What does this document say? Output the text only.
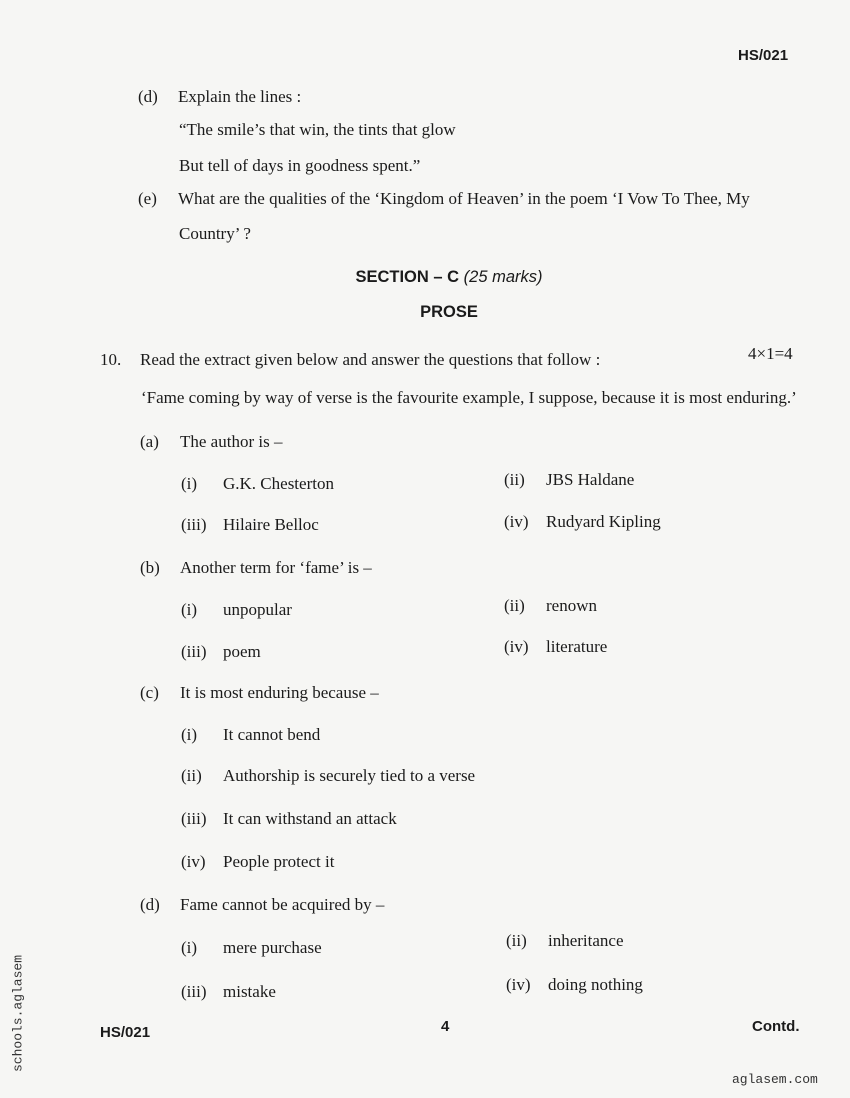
HS/021
(d) Explain the lines :
“The smile’s that win, the tints that glow
But tell of days in goodness spent.”
(e) What are the qualities of the ‘Kingdom of Heaven’ in the poem ‘I Vow To Thee, My
Country’ ?
SECTION – C (25 marks)
PROSE
10. Read the extract given below and answer the questions that follow :	4×1=4
‘Fame coming by way of verse is the favourite example, I suppose, because it is most enduring.’
(a) The author is –
(i) G.K. Chesterton	(ii) JBS Haldane
(iii) Hilaire Belloc	(iv) Rudyard Kipling
(b) Another term for ‘fame’ is –
(i) unpopular	(ii) renown
(iii) poem	(iv) literature
(c) It is most enduring because –
(i) It cannot bend
(ii) Authorship is securely tied to a verse
(iii) It can withstand an attack
(iv) People protect it
(d) Fame cannot be acquired by –
(i) mere purchase	(ii) inheritance
(iii) mistake	(iv) doing nothing
HS/021	4	Contd.
schools.aglasem
aglasem.com
